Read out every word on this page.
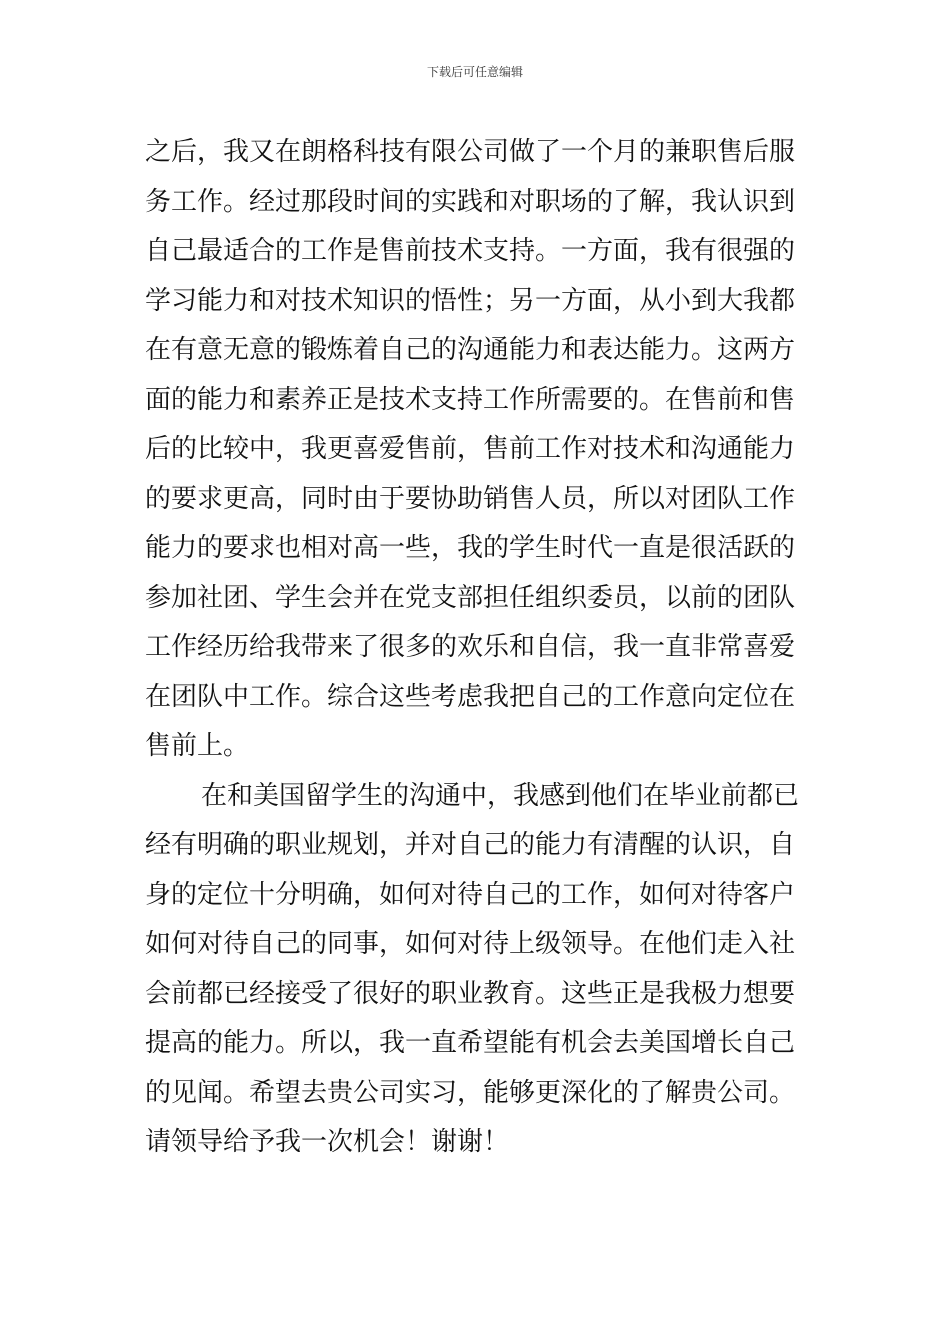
下载后可任意编辑
之后，我又在朗格科技有限公司做了一个月的兼职售后服
务工作。经过那段时间的实践和对职场的了解，我认识到
自己最适合的工作是售前技术支持。一方面，我有很强的
学习能力和对技术知识的悟性；另一方面，从小到大我都
在有意无意的锻炼着自己的沟通能力和表达能力。这两方
面的能力和素养正是技术支持工作所需要的。在售前和售
后的比较中，我更喜爱售前，售前工作对技术和沟通能力
的要求更高，同时由于要协助销售人员，所以对团队工作
能力的要求也相对高一些，我的学生时代一直是很活跃的
参加社团、学生会并在党支部担任组织委员，以前的团队
工作经历给我带来了很多的欢乐和自信，我一直非常喜爱
在团队中工作。综合这些考虑我把自己的工作意向定位在
售前上。
在和美国留学生的沟通中，我感到他们在毕业前都已
经有明确的职业规划，并对自己的能力有清醒的认识，自
身的定位十分明确，如何对待自己的工作，如何对待客户
如何对待自己的同事，如何对待上级领导。在他们走入社
会前都已经接受了很好的职业教育。这些正是我极力想要
提高的能力。所以，我一直希望能有机会去美国增长自己
的见闻。希望去贵公司实习，能够更深化的了解贵公司。
请领导给予我一次机会！谢谢！
